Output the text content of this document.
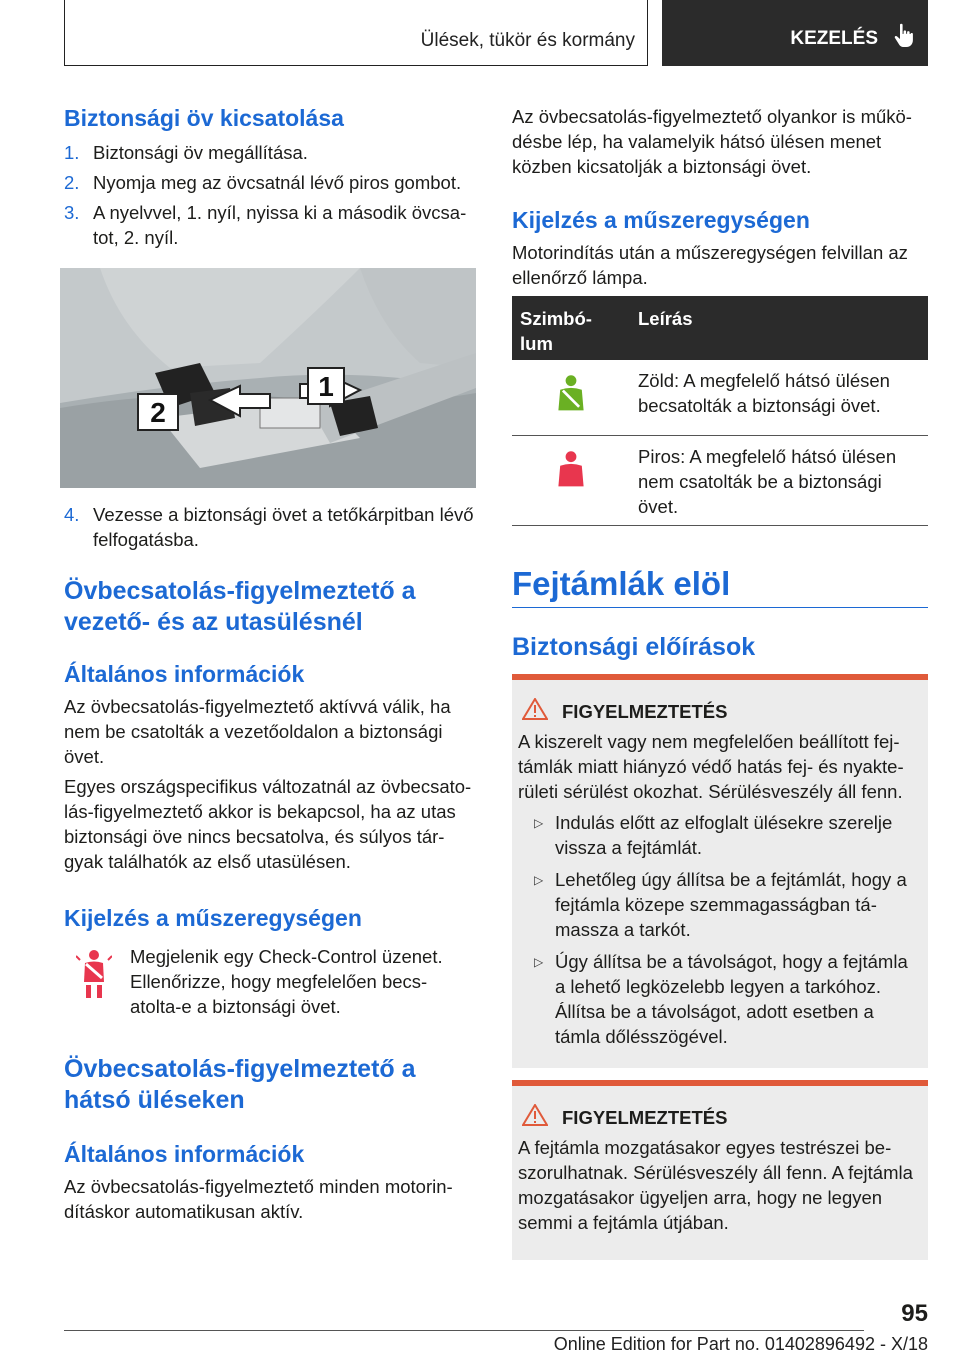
Ülések, tükör és kormány	KEZELÉS
Biztonsági öv kicsatolása
1. Biztonsági öv megállítása.
2. Nyomja meg az övcsatnál lévő piros gombot.
3. A nyelvvel, 1. nyíl, nyissa ki a második övcsa-tot, 2. nyíl.
2
1
4. Vezesse a biztonsági övet a tetőkárpitban lévő felfogatásba.
Övbecsatolás-figyelmeztető a vezető- és az utasülésnél
Általános információk
Az övbecsatolás-figyelmeztető aktívvá válik, ha nem be csatolták a vezetőoldalon a biztonsági övet.
Egyes országspecifikus változatnál az övbecsato-lás-figyelmeztető akkor is bekapcsol, ha az utas biztonsági öve nincs becsatolva, és súlyos tár-gyak találhatók az első utasülésen.
Kijelzés a műszeregységen
Megjelenik egy Check-Control üzenet. Ellenőrizze, hogy megfelelően becs-atolta-e a biztonsági övet.
Övbecsatolás-figyelmeztető a hátsó üléseken
Általános információk
Az övbecsatolás-figyelmeztető minden motorin-dításkor automatikusan aktív.
Az övbecsatolás-figyelmeztető olyankor is műkö-désbe lép, ha valamelyik hátsó ülésen menet közben kicsatolják a biztonsági övet.
Kijelzés a műszeregységen
Motorindítás után a műszeregységen felvillan az ellenőrző lámpa.
Szimbó-lum
Leírás
Zöld: A megfelelő hátsó ülésen becsatolták a biztonsági övet.
Piros: A megfelelő hátsó ülésen nem csatolták be a biztonsági övet.
Fejtámlák elöl
Biztonsági előírások
FIGYELMEZTETÉS
A kiszerelt vagy nem megfelelően beállított fej-támlák miatt hiányzó védő hatás fej- és nyakte-rületi sérülést okozhat. Sérülésveszély áll fenn.
▷ Indulás előtt az elfoglalt ülésekre szerelje vissza a fejtámlát.
▷ Lehetőleg úgy állítsa be a fejtámlát, hogy a fejtámla közepe szemmagasságban tá-massza a tarkót.
▷ Úgy állítsa be a távolságot, hogy a fejtámla a lehető legközelebb legyen a tarkóhoz. Állítsa be a távolságot, adott esetben a támla dőlésszögével.
FIGYELMEZTETÉS
A fejtámla mozgatásakor egyes testrészei be-szorulhatnak. Sérülésveszély áll fenn. A fejtámla mozgatásakor ügyeljen arra, hogy ne legyen semmi a fejtámla útjában.
95
Online Edition for Part no. 01402896492 - X/18
